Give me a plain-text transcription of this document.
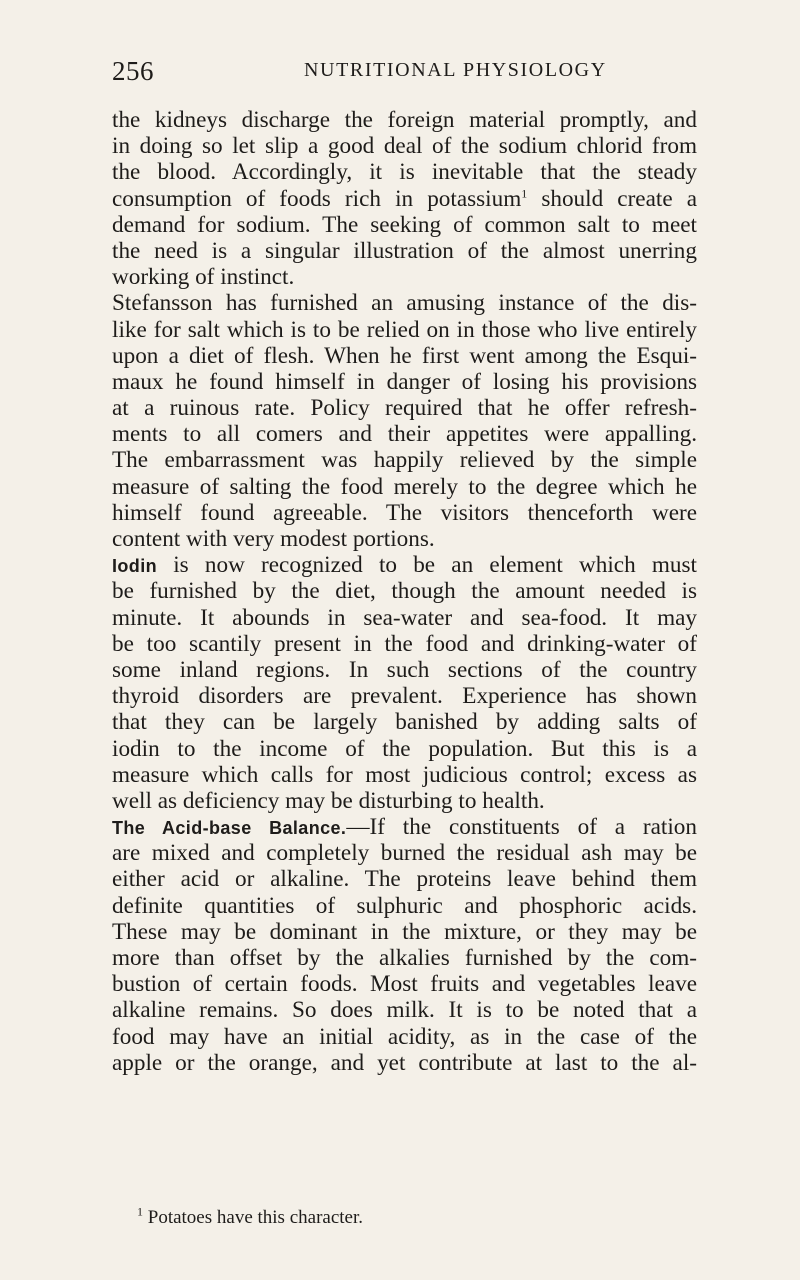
256	NUTRITIONAL PHYSIOLOGY
the kidneys discharge the foreign material promptly, and
in doing so let slip a good deal of the sodium chlorid from
the blood. Accordingly, it is inevitable that the steady
consumption of foods rich in potassium$^1$ should create a
demand for sodium. The seeking of common salt to meet
the need is a singular illustration of the almost unerring
working of instinct.
Stefansson has furnished an amusing instance of the dis-
like for salt which is to be relied on in those who live entirely
upon a diet of flesh. When he first went among the Esqui-
maux he found himself in danger of losing his provisions
at a ruinous rate. Policy required that he offer refresh-
ments to all comers and their appetites were appalling.
The embarrassment was happily relieved by the simple
measure of salting the food merely to the degree which he
himself found agreeable. The visitors thenceforth were
content with very modest portions.
Iodin is now recognized to be an element which must
be furnished by the diet, though the amount needed is
minute. It abounds in sea-water and sea-food. It may
be too scantily present in the food and drinking-water of
some inland regions. In such sections of the country
thyroid disorders are prevalent. Experience has shown
that they can be largely banished by adding salts of
iodin to the income of the population. But this is a
measure which calls for most judicious control; excess as
well as deficiency may be disturbing to health.
The Acid-base Balance.—If the constituents of a ration
are mixed and completely burned the residual ash may be
either acid or alkaline. The proteins leave behind them
definite quantities of sulphuric and phosphoric acids.
These may be dominant in the mixture, or they may be
more than offset by the alkalies furnished by the com-
bustion of certain foods. Most fruits and vegetables leave
alkaline remains. So does milk. It is to be noted that a
food may have an initial acidity, as in the case of the
apple or the orange, and yet contribute at last to the al-
$^1$ Potatoes have this character.
